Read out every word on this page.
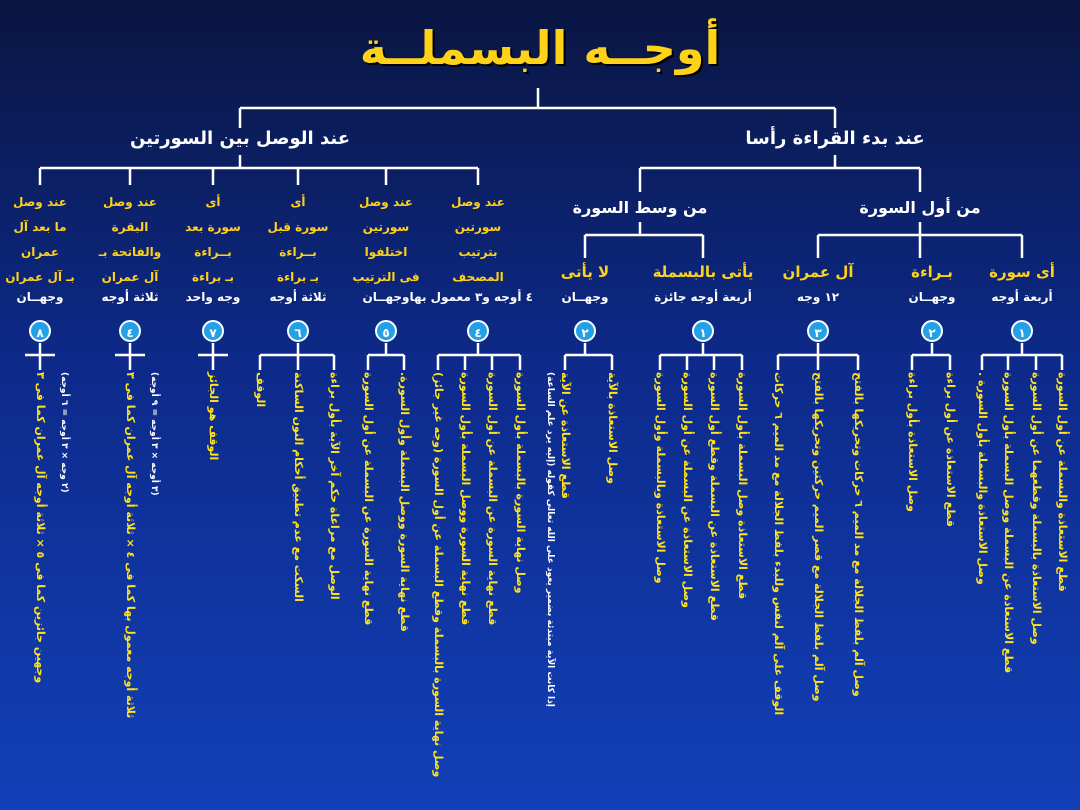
أوجــه البسملــة
عند بدء القراءة رأسا
عند الوصل بين السورتين
من أول السورة
من وسط السورة
أى سورة
أربعة أوجه
١
بـراءة
وجهــان
٢
آل عمران
١٢ وجه
٣
يأتى بالبسملة
أربعة أوجه جائزة
١
لا يأتى
وجهــان
٢
عند وصل
سورتين
بترتيب
المصحف
٤ أوجه و٣ معمول بها
٤
عند وصل
سورتين
اختلفوا
فى الترتيب
وجهــان
٥
أى
سورة قبل
بــراءة
بـ براءة
ثلاثة أوجه
٦
أى
سورة بعد
بــراءة
بـ براءة
وجه واحد
٧
عند وصل
البقرة
والفاتحة بـ
آل عمران
ثلاثة أوجه
٤
عند وصل
ما بعد آل
عمران
بـ آل عمران
وجهــان
٨
قطع الاستعاذة والبسملة عن أول السورة
وصل الاستعاذة بالبسملة وقطعهما عن أول السورة
قطع الاستعاذة عن البسملة ووصل البسملة بأول السورة
وصل الاستعاذة والبسملة بأول السورة .
قطع الاستعاذة عن أول براءة
وصل الاستعاذة بأول براءة
وصل آلم بلفظ الجلالة مع مد الميم ٦ حركات وتحريكها بالفتح
وصل آلم بلفظ الجلالة مع قصر الميم حركتين وتحريكها بالفتح
الوقف على آلم لنفس وللبدء بلفظ الجلالة مع مد الميم ٦ حركات
قطع الاستعاذة وصل البسملة بأول السورة
قطع الاستعاذة عن البسملة وقطع أول السورة
وصل الاستعاذة عن البسملة عن أول السورة
وصل الاستعاذة وبالبسملة وأول السورة
وصل الاستعاذة بالآية
قطع الاستعاذة عن الآية
إذا كانت الآية مبتدئة بضمير يعود على الله تعالى كقوله (إليه يرد علم الساعة)
وصل نهاية السورة بالبسملة بأول السورة
قطع نهاية السورة عن البسملة عن أول السورة
قطع نهاية السورة ووصل البسملة بأول السورة
وصل نهاية السورة بالبسملة وقطع البسملة عن أول السورة (وجه غير جائز)
قطع نهاية السورة ووصل البسملة وأول السورة.
قطع نهاية السورة عن البسملة عن أول السورة
الوصل مع مراعاة حكم آخر الآية بأول براءة
السكت مع عدم تطبيق أحكام النون الساكنة
الوقف
الوقف هو الجائز
ثلاثة أوجه معمول بها كما فى ٤ × ثلاثة أوجه آل عمران كما فى ٣
(٣ أوجه × ٣ أوجه = ٩ أوجه)
وجهين جائزين كما فى ٥ × ثلاثة أوجه آل عمران كما فى ٣
(٢ وجه × ٣ أوجه = ٦ أوجه)
